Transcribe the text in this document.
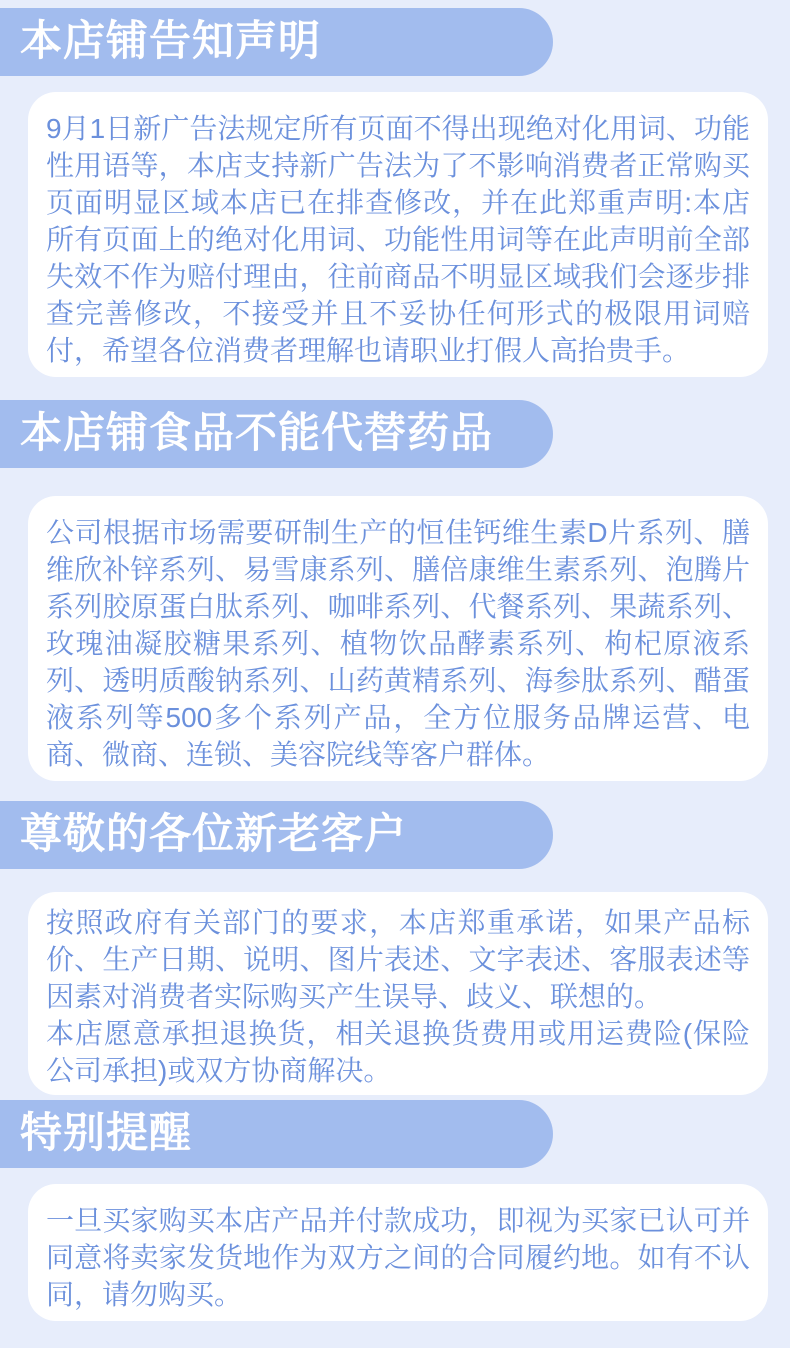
本店铺告知声明

9月1日新广告法规定所有页面不得出现绝对化用词、功能性用语等，本店支持新广告法为了不影响消费者正常购买页面明显区域本店已在排查修改，并在此郑重声明:本店所有页面上的绝对化用词、功能性用词等在此声明前全部失效不作为赔付理由，往前商品不明显区域我们会逐步排查完善修改，不接受并且不妥协任何形式的极限用词赔付，希望各位消费者理解也请职业打假人高抬贵手。

本店铺食品不能代替药品

公司根据市场需要研制生产的恒佳钙维生素D片系列、膳维欣补锌系列、易雪康系列、膳倍康维生素系列、泡腾片系列胶原蛋白肽系列、咖啡系列、代餐系列、果蔬系列、玫瑰油凝胶糖果系列、植物饮品酵素系列、枸杞原液系列、透明质酸钠系列、山药黄精系列、海参肽系列、醋蛋液系列等500多个系列产品，全方位服务品牌运营、电商、微商、连锁、美容院线等客户群体。

尊敬的各位新老客户

按照政府有关部门的要求，本店郑重承诺，如果产品标价、生产日期、说明、图片表述、文字表述、客服表述等因素对消费者实际购买产生误导、歧义、联想的。

本店愿意承担退换货，相关退换货费用或用运费险(保险公司承担)或双方协商解决。

特别提醒

一旦买家购买本店产品并付款成功，即视为买家已认可并同意将卖家发货地作为双方之间的合同履约地。如有不认同，请勿购买。
